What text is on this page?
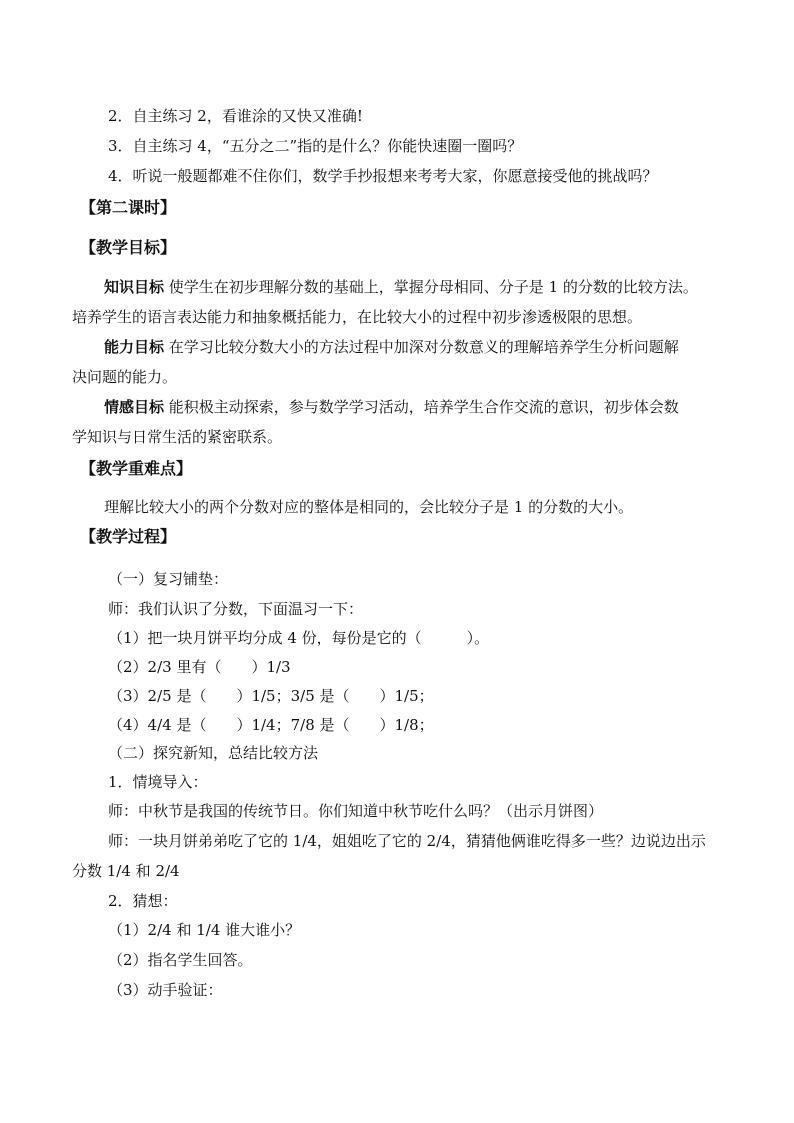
2．自主练习 2，看谁涂的又快又准确!
3．自主练习 4，“五分之二”指的是什么？你能快速圈一圈吗？
4．听说一般题都难不住你们，数学手抄报想来考考大家，你愿意接受他的挑战吗？
【第二课时】
【教学目标】
知识目标 使学生在初步理解分数的基础上，掌握分母相同、分子是 1 的分数的比较方法。
培养学生的语言表达能力和抽象概括能力，在比较大小的过程中初步渗透极限的思想。
能力目标 在学习比较分数大小的方法过程中加深对分数意义的理解培养学生分析问题解
决问题的能力。
情感目标 能积极主动探索，参与数学学习活动，培养学生合作交流的意识，初步体会数
学知识与日常生活的紧密联系。
【教学重难点】
理解比较大小的两个分数对应的整体是相同的，会比较分子是 1 的分数的大小。
【教学过程】
（一）复习铺垫：
师：我们认识了分数，下面温习一下：
（1）把一块月饼平均分成 4 份，每份是它的（　　　）。
（2）2/3 里有（　　）1/3
（3）2/5 是（　　）1/5；3/5 是（　　）1/5；
（4）4/4 是（　　）1/4；7/8 是（　　）1/8；
（二）探究新知，总结比较方法
1．情境导入：
师：中秋节是我国的传统节日。你们知道中秋节吃什么吗？（出示月饼图）
师：一块月饼弟弟吃了它的 1/4，姐姐吃了它的 2/4，猜猜他俩谁吃得多一些？边说边出示
分数 1/4 和 2/4
2．猜想：
（1）2/4 和 1/4 谁大谁小？
（2）指名学生回答。
（3）动手验证：
